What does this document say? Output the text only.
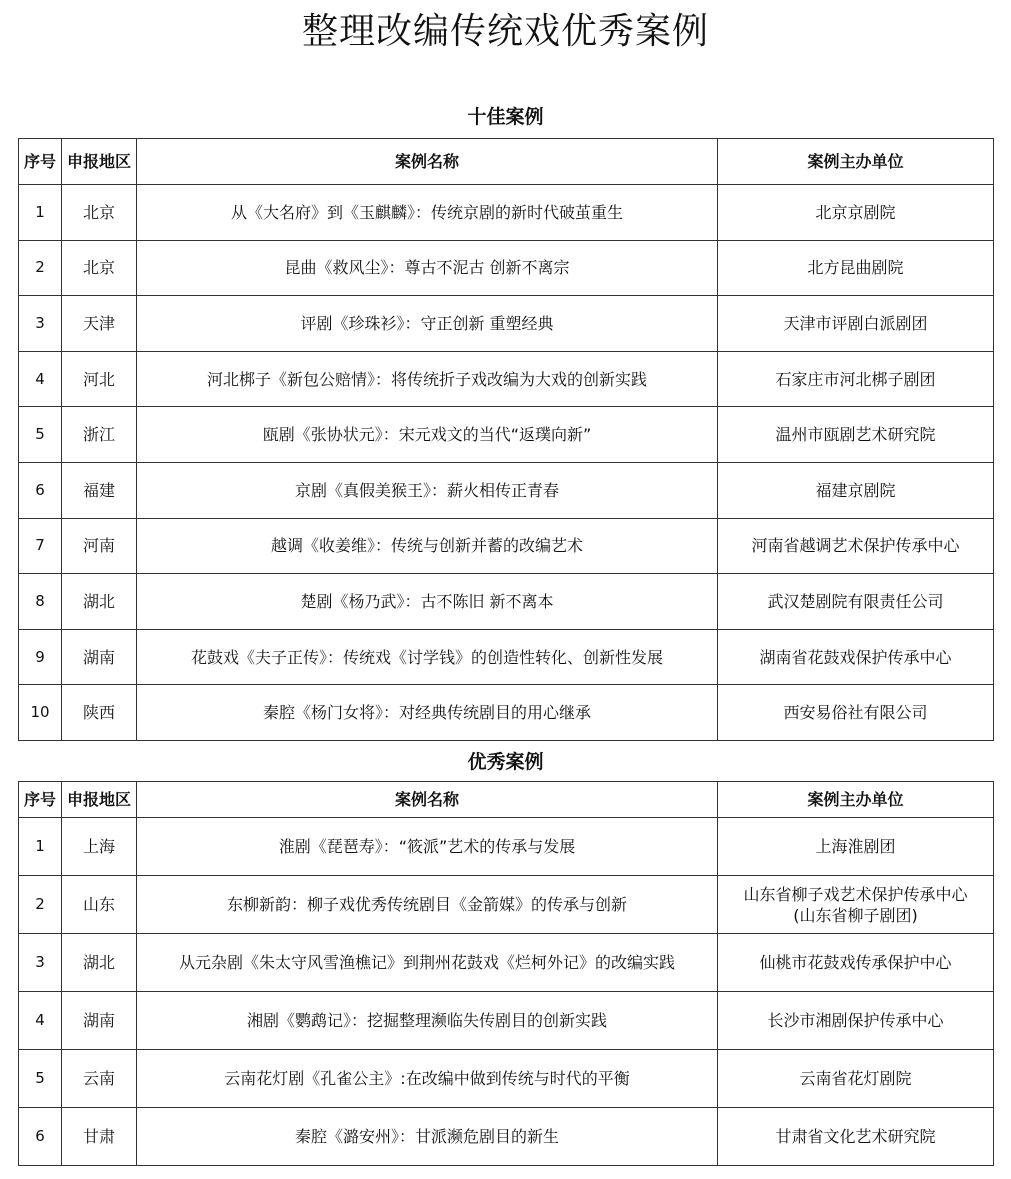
整理改编传统戏优秀案例
十佳案例
序号	申报地区	案例名称	案例主办单位
1	北京	从《大名府》到《玉麒麟》：传统京剧的新时代破茧重生	北京京剧院
2	北京	昆曲《救风尘》：尊古不泥古 创新不离宗	北方昆曲剧院
3	天津	评剧《珍珠衫》：守正创新 重塑经典	天津市评剧白派剧团
4	河北	河北梆子《新包公赔情》：将传统折子戏改编为大戏的创新实践	石家庄市河北梆子剧团
5	浙江	瓯剧《张协状元》：宋元戏文的当代“返璞向新”	温州市瓯剧艺术研究院
6	福建	京剧《真假美猴王》：薪火相传正青春	福建京剧院
7	河南	越调《收姜维》：传统与创新并蓄的改编艺术	河南省越调艺术保护传承中心
8	湖北	楚剧《杨乃武》：古不陈旧 新不离本	武汉楚剧院有限责任公司
9	湖南	花鼓戏《夫子正传》：传统戏《讨学钱》的创造性转化、创新性发展	湖南省花鼓戏保护传承中心
10	陕西	秦腔《杨门女将》：对经典传统剧目的用心继承	西安易俗社有限公司
优秀案例
序号	申报地区	案例名称	案例主办单位
1	上海	淮剧《琵琶寿》：“筱派”艺术的传承与发展	上海淮剧团
2	山东	东柳新韵：柳子戏优秀传统剧目《金箭媒》的传承与创新	山东省柳子戏艺术保护传承中心
(山东省柳子剧团)

3	湖北	从元杂剧《朱太守风雪渔樵记》到荆州花鼓戏《烂柯外记》的改编实践	仙桃市花鼓戏传承保护中心
4	湖南	湘剧《鹦鹉记》：挖掘整理濒临失传剧目的创新实践	长沙市湘剧保护传承中心
5	云南	云南花灯剧《孔雀公主》:在改编中做到传统与时代的平衡	云南省花灯剧院
6	甘肃	秦腔《潞安州》：甘派濒危剧目的新生	甘肃省文化艺术研究院
